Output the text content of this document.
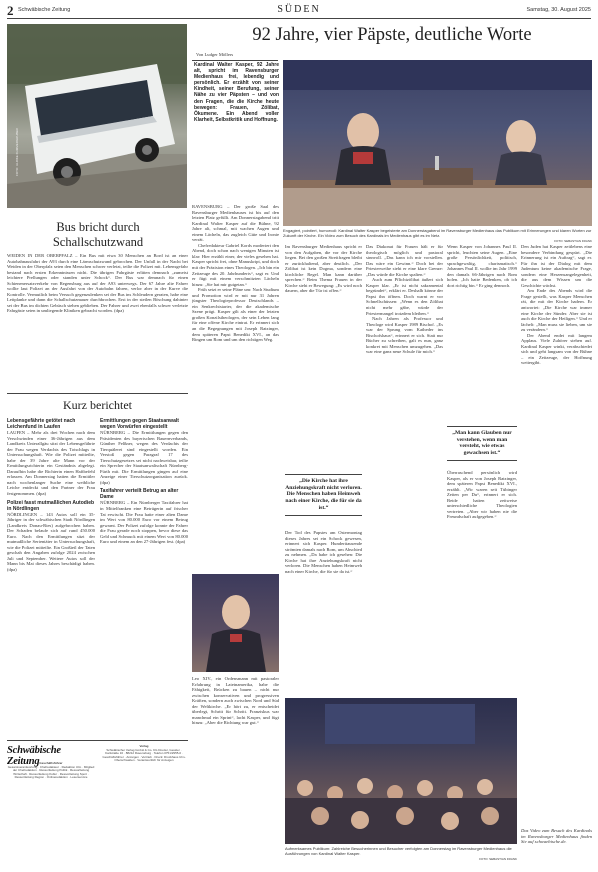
2 Schwäbische Zeitung	SÜDEN	Samstag, 30. August 2025
FOTO: ULRIKE KUMMERGRUBER
Bus bricht durch Schallschutzwand
WEIDEN IN DER OBERPFALZ – Ein Bus mit etwa 30 Menschen an Bord ist an einer Autobahnausfahrt der A93 durch eine Lärmschutzwand gebrochen. Der Unfall in der Nacht bei Weiden in der Oberpfalz seien den Menschen schwer verletzt, teilte die Polizei mit. Lebensgefahr bestand nach ersten Erkenntnissen nicht. Die übrigen Fahrgäste erlitten demnach „zumeist leichtere Prellungen oder standen unter Schock“. Der Bus war demnach für einen Schienenersatzverkehr von Regensburg aus auf der A93 unterwegs. Der 67 Jahre alte Fahrer wollte laut Polizei an der Ausfahrt von der Autobahn fahren, verlor aber in der Kurve die Kontrolle. Vermutlich beim Versuch gegenzulenken sei der Bus ins Schleudern geraten, habe eine Leitplanke und dann die Schallschutzmauer durchbrochen. Erst in der steilen Böschung dahinter sei der Bus im dichten Gebüsch stehen geblieben. Der Fahrer und zwei ebenfalls schwer verletzte Fahrgäste seien in umliegende Kliniken gebracht worden. (dpa)
Kurz berichtet
Lebensgefährte getötet nach Leichenfund in Laufen
LAUFEN – Mehr als drei Wochen nach dem Verschwinden einer 36-Jährigen aus dem Landkreis Unterallgäu sitzt der Lebensgefährte der Frau wegen Verdachts des Totschlags in Untersuchungshaft. Wie die Polizei mitteilte, habe der 39 Jahre alte Mann vor der Ermittlungsrichterin ein Geständnis abgelegt. Daraufhin habe die Richterin einen Haftbefehl erlassen. Am Donnerstag hatten die Ermittler nach wochenlanger Suche eine weibliche Leiche entdeckt und den Partner der Frau festgenommen. (dpa)
Polizei fasst mutmaßlichen Autodieb in Nördlingen
NÖRDLINGEN – 143 Autos soll ein 35-Jähriger in der schwäbischen Stadt Nördlingen (Landkreis Donau-Ries) aufgebrochen haben. Der Schaden belaufe sich auf rund 450.000 Euro. Nach den Ermittlungen sitzt der mutmaßliche Serientäter in Untersuchungshaft, wie die Polizei mitteilte. Ein Großteil der Taten geschah den Angaben zufolge 2024 zwischen Juli und September. Weitere Autos soll der Mann bis Mai dieses Jahres beschädigt haben. (dpa)
Ermittlungen gegen Staatsanwalt wegen Vorwürfen eingestellt
NÜRNBERG – Die Ermittlungen gegen den Präsidenten des bayerischen Bauernverbands, Günther Felßner, wegen des Verdachts der Tierquälerei sind eingestellt worden. Ein Verstoß gegen Paragraf 17 des Tierschutzgesetzes sei nicht nachweisbar, teilte ein Sprecher der Staatsanwaltschaft Nürnberg-Fürth mit. Die Ermittlungen gingen auf eine Anzeige einer Tierschutzorganisation zurück. (dpa)
Taxifahrer verteilt Betrug an alter Dame
NÜRNBERG – Ein Nürnberger Taxifahrer hat in Mittelfranken eine Betrügerin auf frischer Tat erwischt. Die Frau hatte einer alten Dame im Wert von 80.000 Euro vor einem Betrug gewarnt. Der Polizei zufolge konnte der Fahrer die Frau gerade noch stoppen, bevor diese das Geld und Schmuck mit einem Wert von 80.000 Euro und einem an den 27-Jährigen fest. (dpa)
Schwäbische Zeitung Geschäftsführer
Gesamtverantwortung · Chefredakteur · Redaktion Ulm · Mitglied der Chefredaktion · Ressortleitung Politik · Ressortleitung Wirtschaft · Ressortleitung Kultur · Ressortleitung Sport · Ressortleitung Region · Onlineredaktion · Leserservice
Verlag
Schwäbischer Verlag GmbH & Co. KG Drexler, Gessler · Karlstraße 16 · 88212 Ravensburg · Telefon 0751/2955-0 · Geschäftsführer · Anzeigen · Vertrieb · Druck: Druckhaus Ulm-Oberschwaben · Verantwortlich für Anzeigen
92 Jahre, vier Päpste, deutliche Worte
Von Ludger Möllers
Kardinal Walter Kasper, 92 Jahre alt, spricht im Ravensburger Medienhaus frei, lebendig und persönlich. Er erzählt von seiner Kindheit, seiner Berufung, seiner Nähe zu vier Päpsten – und von den Fragen, die die Kirche heute bewegen: Frauen, Zölibat, Ökumene. Ein Abend voller Klarheit, Selbstkritik und Hoffnung.
Engagiert, pointiert, humorvoll: Kardinal Walter Kasper begeisterte am Donnerstagabend im Ravensburger Medienhaus das Publikum mit Erinnerungen und klaren Worten zur Zukunft der Kirche. Ein Video zum Besuch des Kardinals im Medienhaus gibt es im Netz.
FOTO: SEBASTIAN FRANK

RAVENSBURG – Der große Saal des Ravensburger Medienhauses ist bis auf den letzten Platz gefüllt. Am Donnerstagabend tritt Kardinal Walter Kasper auf die Bühne, 92 Jahre alt, schmal, mit wachen Augen und einem Lächeln, das zugleich Güte und Ironie verrät.

Chefredakteur Gabriel Kords moderiert den Abend, doch schon nach wenigen Minuten ist klar: Hier erzählt einer, der vieles gesehen hat. Kasper spricht frei, ohne Manuskript, und doch mit der Präzision eines Theologen. „Ich bin ein Zeitzeuge des 20. Jahrhunderts“, sagt er. Und er fügt mit einem verschmitzten Lächeln hinzu: „Sie hat mir gutgetan.“

Früh setzt er seine Pläne um: Nach Studium und Promotion wird er mit nur 31 Jahren jüngster Theologieprofessor Deutschlands – ein Senkrechtstarter, der die akademische Szene prägt. Kasper gilt als einer der letzten großen Konzilstheologen, der sein Leben lang für eine offene Kirche eintrat. Er erinnert sich an die Begegnungen mit Joseph Ratzinger, dem späteren Papst Benedikt XVI., an das Ringen um Rom und um den richtigen Weg.

Leo XIV., ein Ordensmann mit pastoraler Erfahrung in Lateinamerika, habe die Fähigkeit, Brücken zu bauen – nicht nur zwischen konservativen und progressiven Kräften, sondern auch zwischen Nord und Süd der Weltkirche. „Er hört zu, er entscheidet überlegt, Schritt für Schritt. Franziskus war manchmal ein Sprint“, lacht Kasper, und fügt hinzu: „Aber die Richtung war gut.“

Im Ravensburger Medienhaus spricht er von den Aufgaben, die vor der Kirche liegen. Bei den großen Streitfragen bleibt er zurückhaltend, aber deutlich. „Der Zölibat ist kein Dogma, sondern eine kirchliche Regel. Man kann darüber sprechen.“ Beim Thema Frauen in der Kirche sieht er Bewegung: „Es wird noch dauern, aber die Tür ist offen.“

„Die Kirche hat ihre Anziehungskraft nicht verloren. Die Menschen haben Heimweh nach einer Kirche, die für sie da ist.“
Der Tod des Papstes am Ostermontag dieses Jahres sei ein Schock gewesen, erinnert sich Kasper. Hunderttausende strömten damals nach Rom, um Abschied zu nehmen. „Da habe ich gesehen: Die Kirche hat ihre Anziehungskraft nicht verloren. Die Menschen haben Heimweh nach einer Kirche, die für sie da ist.“

Das Diakonat für Frauen hält er für theologisch möglich und pastoral sinnvoll. „Das kann ich mir vorstellen. Das wäre ein Gewinn.“ Doch bei der Priesterweihe sieht er eine klare Grenze: „Das würde die Kirche spalten.“

Auch zum Pflichtzölibat äußert sich Kasper klar. „Er ist nicht sakramental begründet“, erklärt er. Deshalb könne der Papst ihn öffnen. Doch warnt er vor Schnellschüssen: „Wenn es den Zölibat nicht mehr gäbe, würde der Priestermangel trotzdem bleiben.“

Nach Jahren als Professor und Theologe wird Kasper 1989 Bischof. „Es war der Sprung vom Katheder ins Bischofshaus“, erinnert er sich. Statt nur Bücher zu schreiben, galt es nun, ganz konkret mit Menschen umzugehen. „Das war eine ganz neue Schule für mich.“

Wenn Kasper von Johannes Paul II. spricht, leuchten seine Augen. „Eine große Persönlichkeit, politisch, sprachgewaltig, charismatisch.“ Johannes Paul II. wollte im Jahr 1999 den damals 66-Jährigen nach Rom holen. „Ich hatte Bedenken, ob ich dort richtig bin.“ Er ging dennoch.

„Man kann Glauben nur verstehen, wenn man versteht, wie etwas gewachsen ist.“
Überraschend persönlich wird Kasper, als er von Joseph Ratzinger, dem späteren Papst Benedikt XVI., erzählt. „Wir waren seit Tübinger Zeiten per Du“, erinnert er sich. Beide hatten zeitweise unterschiedliche Theologien vertreten. „Aber wir haben nie die Freundschaft aufgegeben.“

Den Juden hat Kasper zeitlebens eine besondere Verbindung gespürt. „Die Erinnerung ist ein Auftrag“, sagt er. Für ihn ist der Dialog mit dem Judentum keine akademische Frage, sondern eine Herzensangelegenheit, die aus dem Wissen um die Geschichte wächst.

Am Ende des Abends wird die Frage gestellt, was Kasper Menschen rät, die mit der Kirche hadern. Er antwortet: „Die Kirche war immer eine Kirche der Sünder. Aber sie ist auch die Kirche der Heiligen.“ Und er lächelt: „Man muss sie lieben, um sie zu verändern.“

Der Abend endet mit langem Applaus. Viele Zuhörer stehen auf. Kardinal Kasper winkt, verabschiedet sich und geht langsam von der Bühne – ein Zeitzeuge, der Hoffnung weitergibt.

Das Video zum Besuch des Kardinals im Ravensburger Medienhaus finden Sie auf schwaebische.de.
Aufmerksames Publikum: Zahlreiche Besucherinnen und Besucher verfolgten am Donnerstag im Ravensburger Medienhaus die Ausführungen von Kardinal Walter Kasper.
FOTO: SEBASTIAN FRANK
